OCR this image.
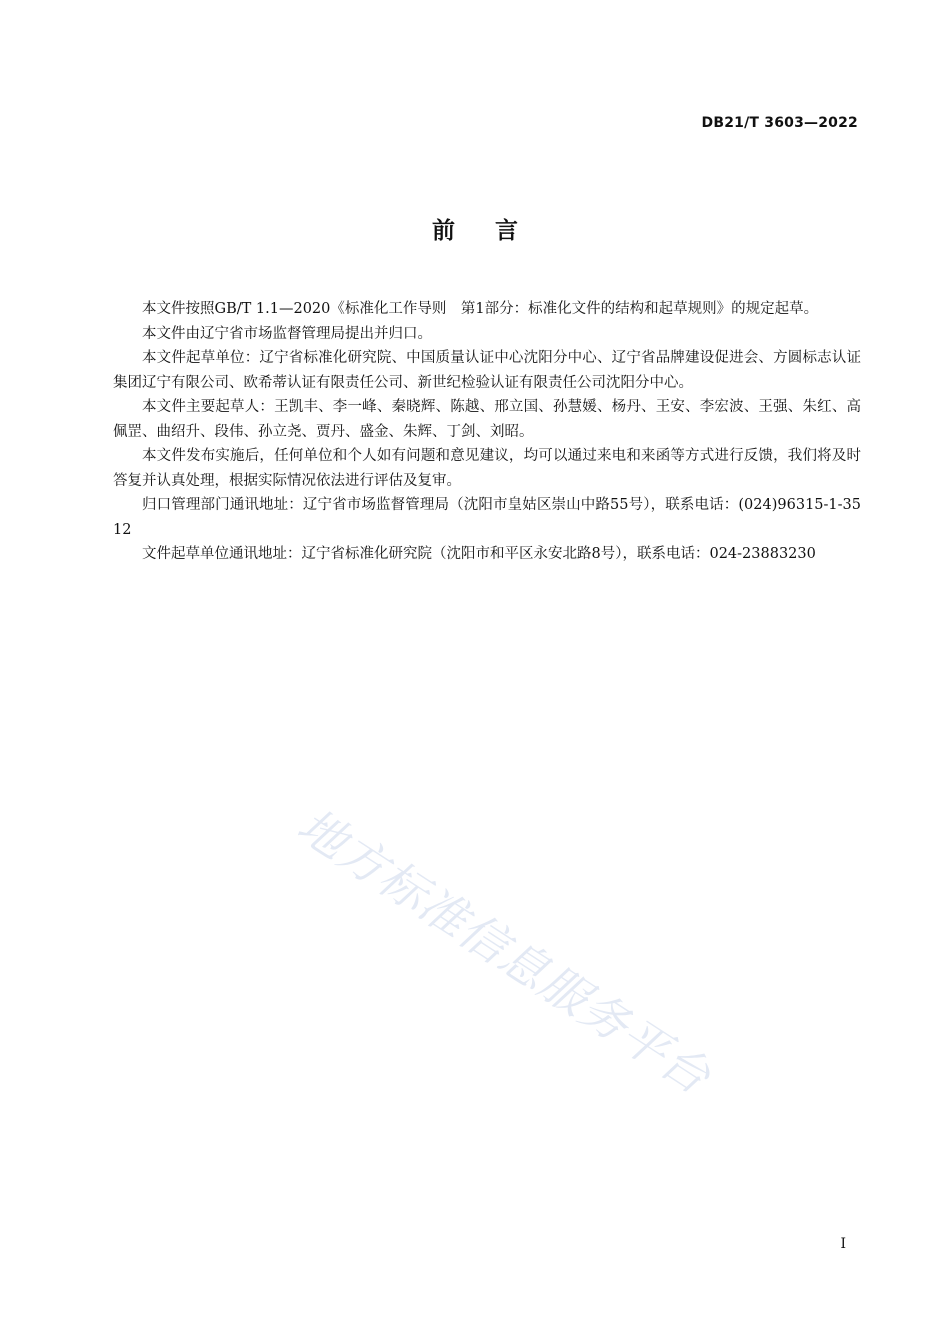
DB21/T 3603—2022
前言

本文件按照GB/T 1.1—2020《标准化工作导则　第1部分：标准化文件的结构和起草规则》的规定起草。

本文件由辽宁省市场监督管理局提出并归口。

本文件起草单位：辽宁省标准化研究院、中国质量认证中心沈阳分中心、辽宁省品牌建设促进会、方圆标志认证集团辽宁有限公司、欧希蒂认证有限责任公司、新世纪检验认证有限责任公司沈阳分中心。

本文件主要起草人：王凯丰、李一峰、秦晓辉、陈越、邢立国、孙慧媛、杨丹、王安、李宏波、王强、朱红、高佩罡、曲绍升、段伟、孙立尧、贾丹、盛金、朱辉、丁剑、刘昭。

本文件发布实施后，任何单位和个人如有问题和意见建议，均可以通过来电和来函等方式进行反馈，我们将及时答复并认真处理，根据实际情况依法进行评估及复审。

归口管理部门通讯地址：辽宁省市场监督管理局（沈阳市皇姑区崇山中路55号），联系电话：(024)96315-1-3512

文件起草单位通讯地址：辽宁省标准化研究院（沈阳市和平区永安北路8号），联系电话：024-23883230

地方标准信息服务平台
I
